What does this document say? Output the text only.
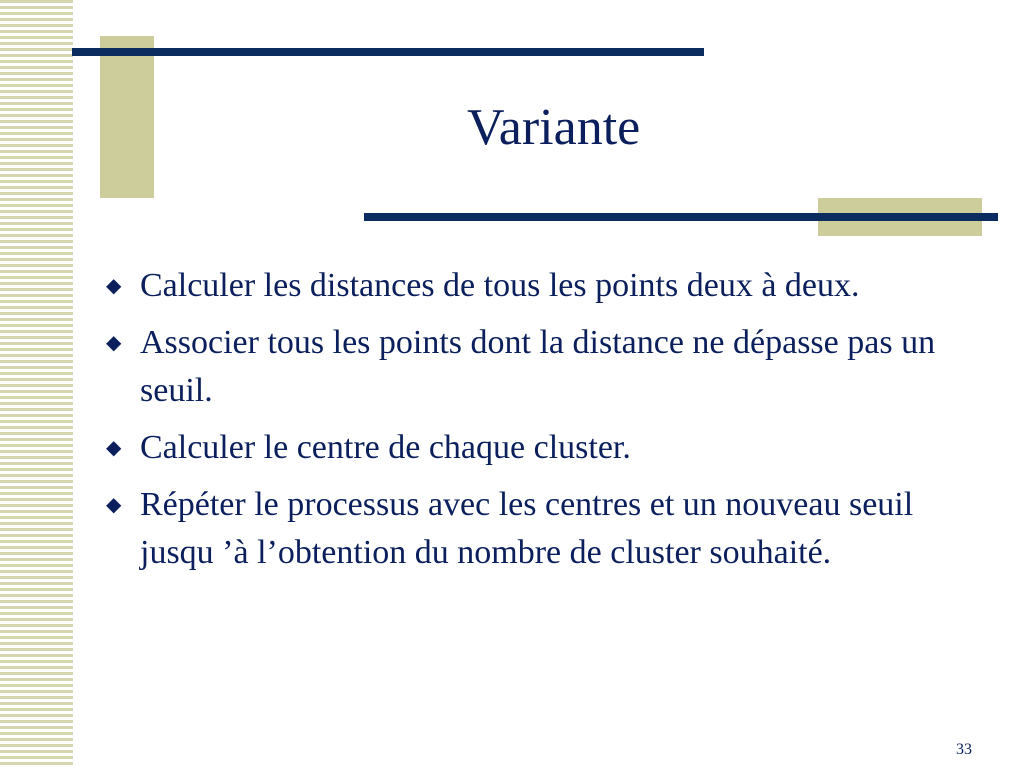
Variante
◆ Calculer les distances de tous les points deux à deux.
◆ Associer tous les points dont la distance ne dépasse pas un seuil.
◆ Calculer le centre de chaque cluster.
◆ Répéter le processus avec les centres et un nouveau seuil jusqu ’à l’obtention du nombre de cluster souhaité.
33
